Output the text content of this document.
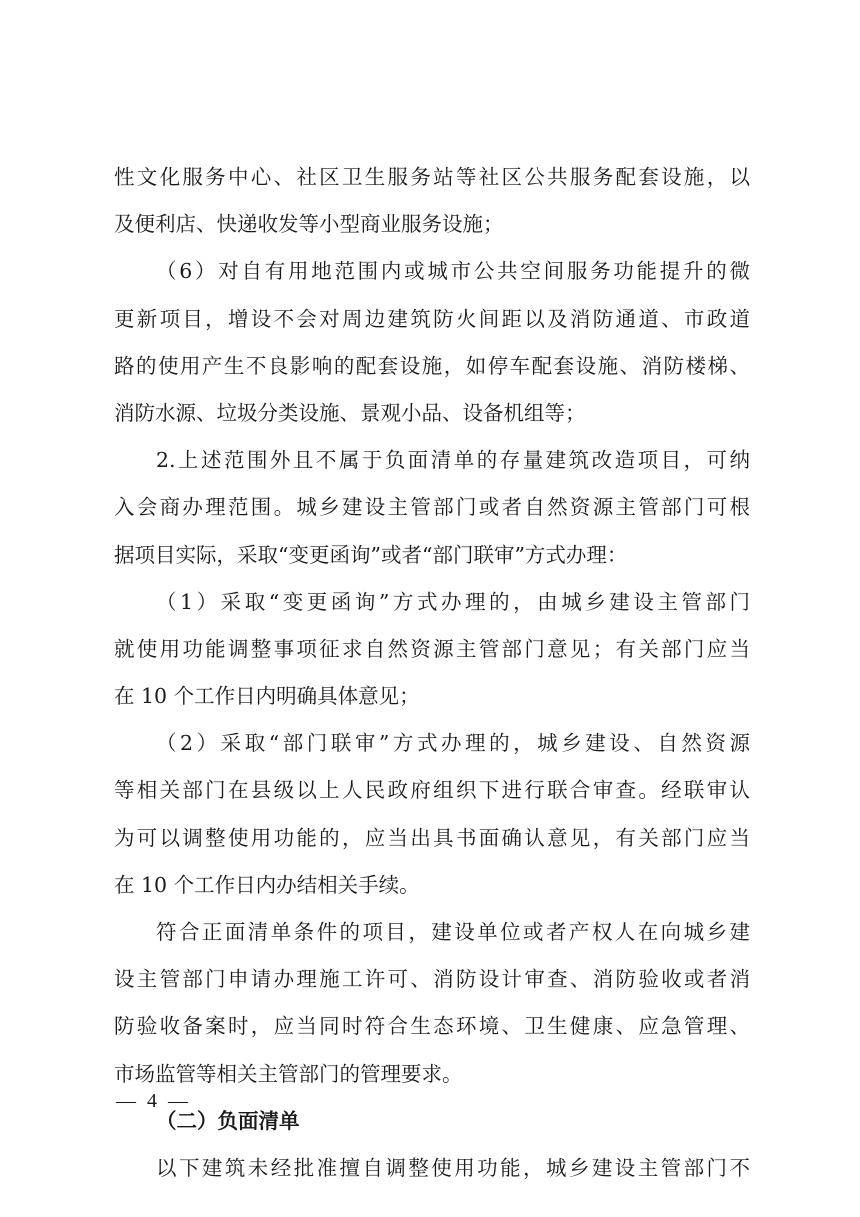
性文化服务中心、社区卫生服务站等社区公共服务配套设施，以
及便利店、快递收发等小型商业服务设施；
（6）对自有用地范围内或城市公共空间服务功能提升的微
更新项目，增设不会对周边建筑防火间距以及消防通道、市政道
路的使用产生不良影响的配套设施，如停车配套设施、消防楼梯、
消防水源、垃圾分类设施、景观小品、设备机组等；
2.上述范围外且不属于负面清单的存量建筑改造项目，可纳
入会商办理范围。城乡建设主管部门或者自然资源主管部门可根
据项目实际，采取“变更函询”或者“部门联审”方式办理：
（1）采取“变更函询”方式办理的，由城乡建设主管部门
就使用功能调整事项征求自然资源主管部门意见；有关部门应当
在 10 个工作日内明确具体意见；
（2）采取“部门联审”方式办理的，城乡建设、自然资源
等相关部门在县级以上人民政府组织下进行联合审查。经联审认
为可以调整使用功能的，应当出具书面确认意见，有关部门应当
在 10 个工作日内办结相关手续。
符合正面清单条件的项目，建设单位或者产权人在向城乡建
设主管部门申请办理施工许可、消防设计审查、消防验收或者消
防验收备案时，应当同时符合生态环境、卫生健康、应急管理、
市场监管等相关主管部门的管理要求。
（二）负面清单
以下建筑未经批准擅自调整使用功能，城乡建设主管部门不
— 4 —
